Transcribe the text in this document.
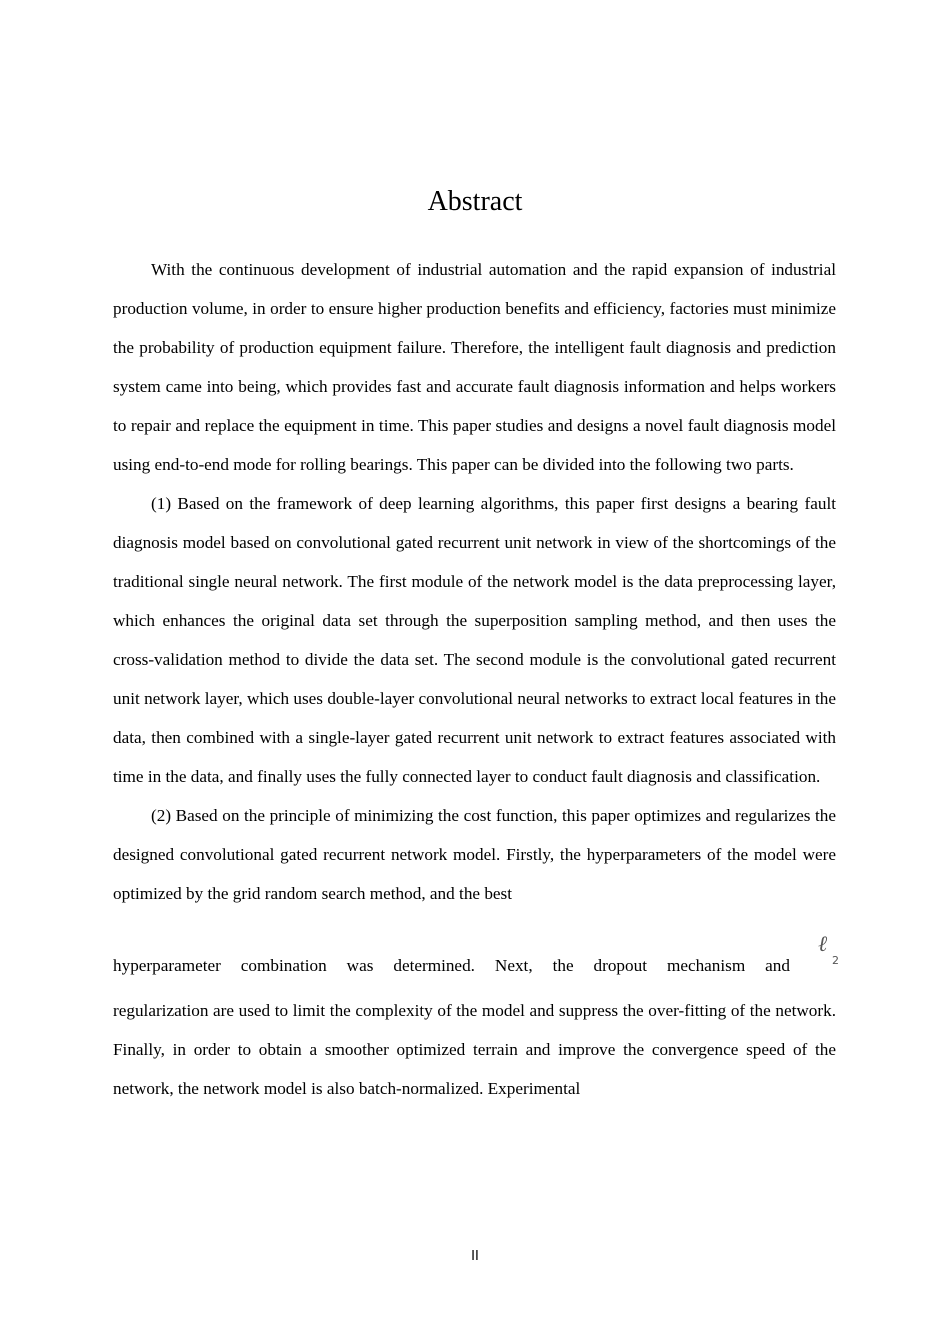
Abstract

With the continuous development of industrial automation and the rapid expansion of industrial production volume, in order to ensure higher production benefits and efficiency, factories must minimize the probability of production equipment failure. Therefore, the intelligent fault diagnosis and prediction system came into being, which provides fast and accurate fault diagnosis information and helps workers to repair and replace the equipment in time. This paper studies and designs a novel fault diagnosis model using end-to-end mode for rolling bearings. This paper can be divided into the following two parts.

(1) Based on the framework of deep learning algorithms, this paper first designs a bearing fault diagnosis model based on convolutional gated recurrent unit network in view of the shortcomings of the traditional single neural network. The first module of the network model is the data preprocessing layer, which enhances the original data set through the superposition sampling method, and then uses the cross-validation method to divide the data set. The second module is the convolutional gated recurrent unit network layer, which uses double-layer convolutional neural networks to extract local features in the data, then combined with a single-layer gated recurrent unit network to extract features associated with time in the data, and finally uses the fully connected layer to conduct fault diagnosis and classification.

(2) Based on the principle of minimizing the cost function, this paper optimizes and regularizes the designed convolutional gated recurrent network model. Firstly, the hyperparameters of the model were optimized by the grid random search method, and the best

hyperparameter combination was determined. Next, the dropout mechanism and
ℓ
2

regularization are used to limit the complexity of the model and suppress the over-fitting of the network. Finally, in order to obtain a smoother optimized terrain and improve the convergence speed of the network, the network model is also batch-normalized. Experimental

II
